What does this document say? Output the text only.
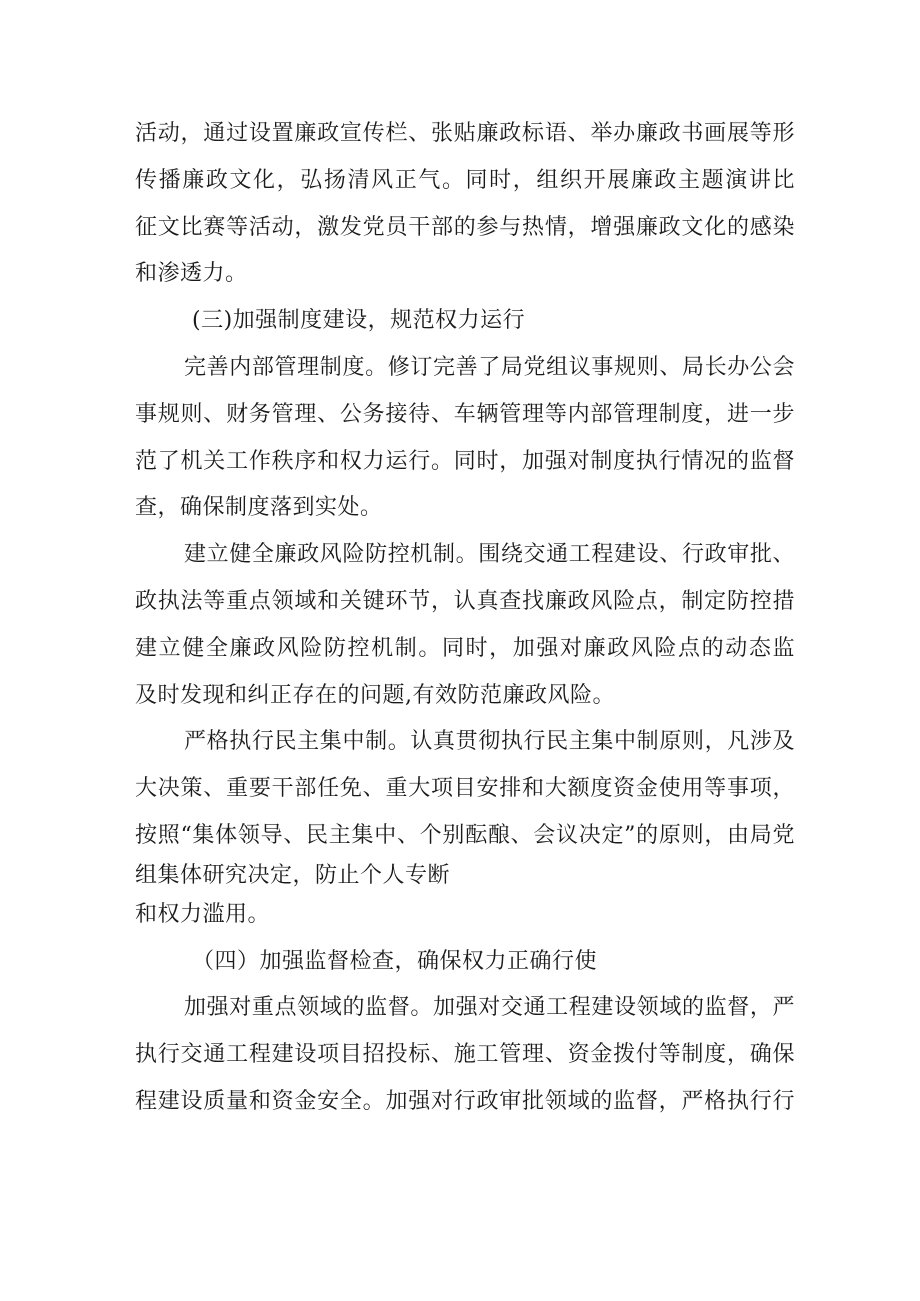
活动，通过设置廉政宣传栏、张贴廉政标语、举办廉政书画展等形
传播廉政文化，弘扬清风正气。同时，组织开展廉政主题演讲比
征文比赛等活动，激发党员干部的参与热情，增强廉政文化的感染
和渗透力。
(三)加强制度建设，规范权力运行
完善内部管理制度。修订完善了局党组议事规则、局长办公会
事规则、财务管理、公务接待、车辆管理等内部管理制度，进一步
范了机关工作秩序和权力运行。同时，加强对制度执行情况的监督
查，确保制度落到实处。
建立健全廉政风险防控机制。围绕交通工程建设、行政审批、
政执法等重点领域和关键环节，认真查找廉政风险点，制定防控措
建立健全廉政风险防控机制。同时，加强对廉政风险点的动态监
及时发现和纠正存在的问题,有效防范廉政风险。
严格执行民主集中制。认真贯彻执行民主集中制原则，凡涉及
大决策、重要干部任免、重大项目安排和大额度资金使用等事项，
按照“集体领导、民主集中、个别酝酿、会议决定”的原则，由局党
组集体研究决定，防止个人专断
和权力滥用。
（四）加强监督检查，确保权力正确行使
加强对重点领域的监督。加强对交通工程建设领域的监督，严
执行交通工程建设项目招投标、施工管理、资金拨付等制度，确保
程建设质量和资金安全。加强对行政审批领域的监督，严格执行行
